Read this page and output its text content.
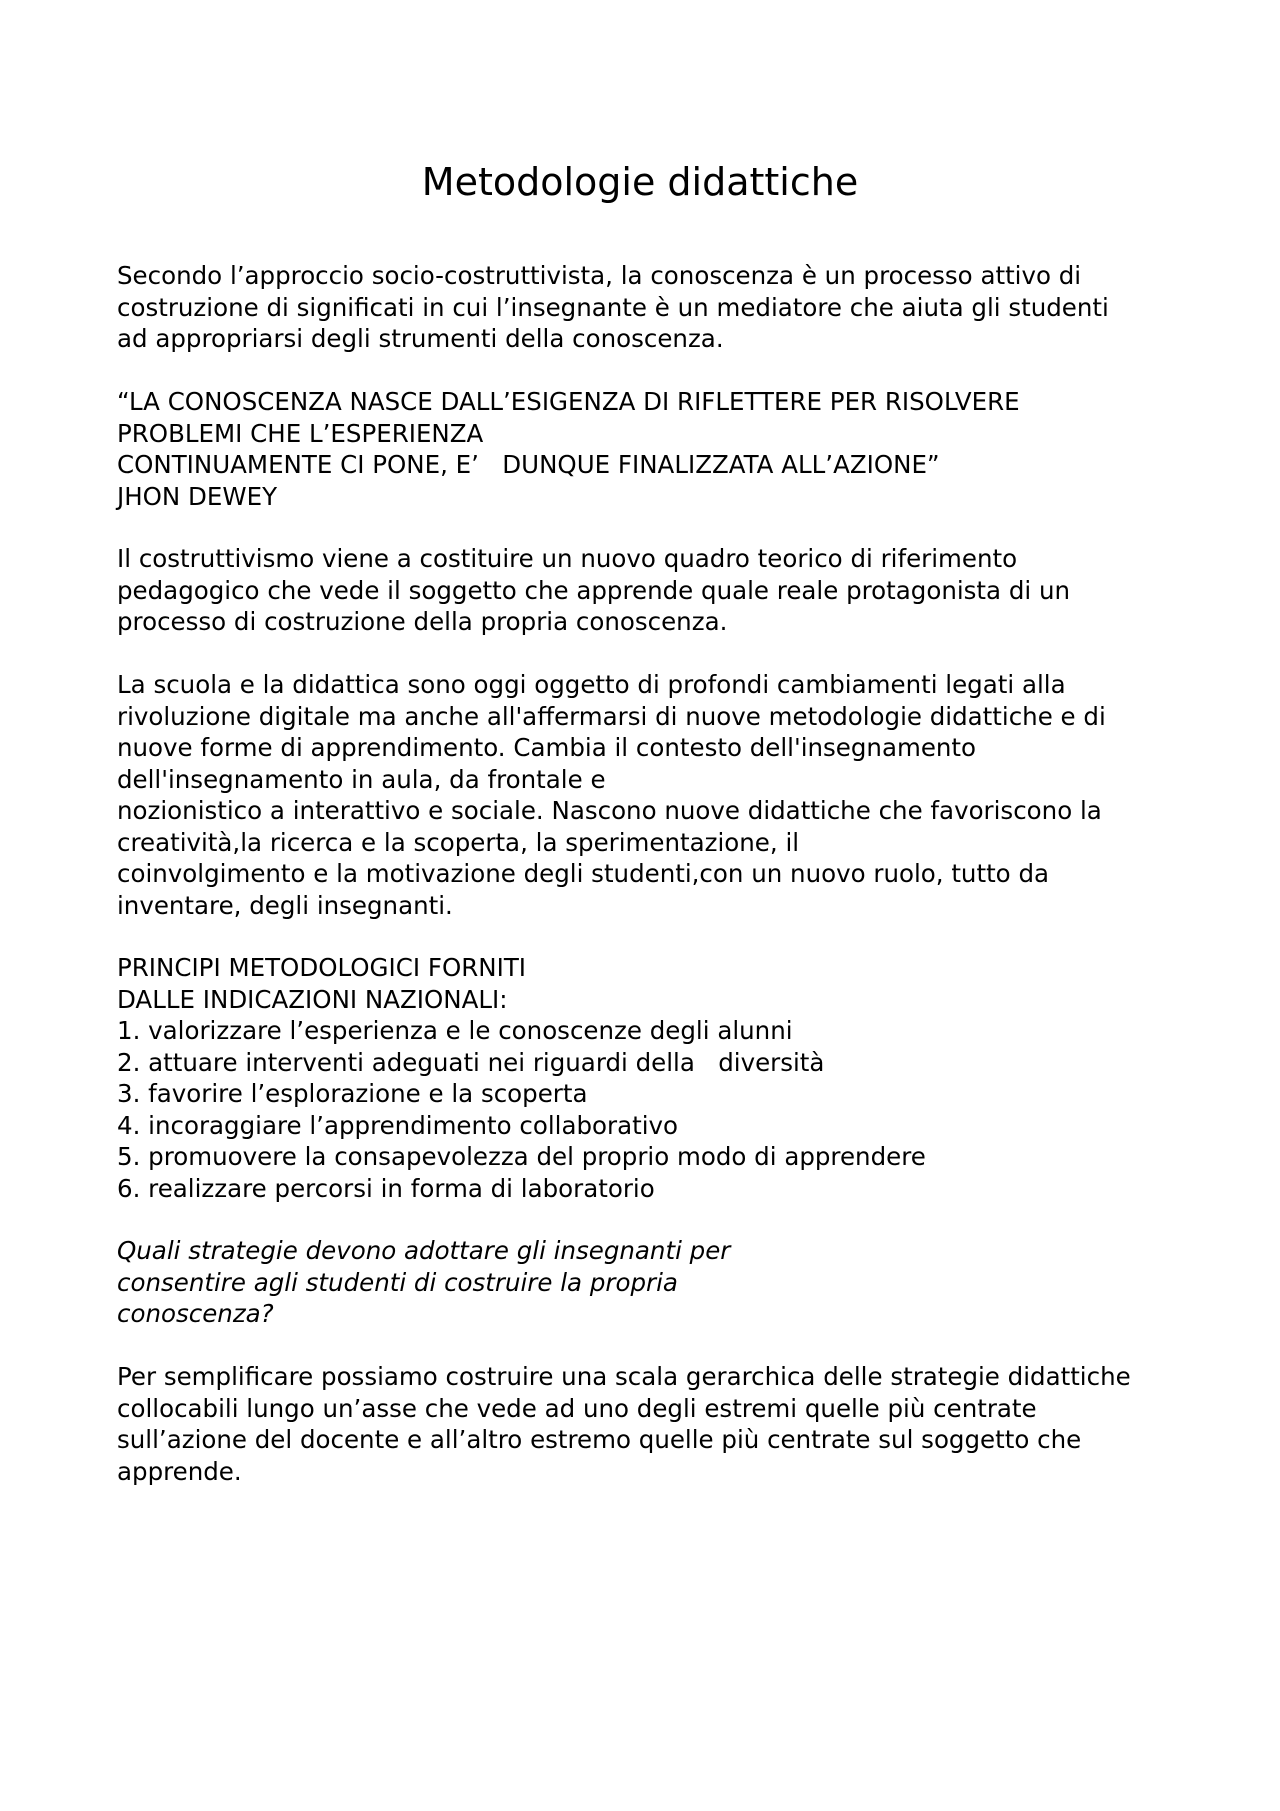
Metodologie didattiche
Secondo l’approccio socio-costruttivista, la conoscenza è un processo attivo di
costruzione di significati in cui l’insegnante è un mediatore che aiuta gli studenti
ad appropriarsi degli strumenti della conoscenza.
“LA CONOSCENZA NASCE DALL’ESIGENZA DI RIFLETTERE PER RISOLVERE
PROBLEMI CHE L’ESPERIENZA
CONTINUAMENTE CI PONE, E’   DUNQUE FINALIZZATA ALL’AZIONE”
JHON DEWEY
Il costruttivismo viene a costituire un nuovo quadro teorico di riferimento
pedagogico che vede il soggetto che apprende quale reale protagonista di un
processo di costruzione della propria conoscenza.
La scuola e la didattica sono oggi oggetto di profondi cambiamenti legati alla
rivoluzione digitale ma anche all'affermarsi di nuove metodologie didattiche e di
nuove forme di apprendimento. Cambia il contesto dell'insegnamento
dell'insegnamento in aula, da frontale e
nozionistico a interattivo e sociale. Nascono nuove didattiche che favoriscono la
creatività,la ricerca e la scoperta, la sperimentazione, il
coinvolgimento e la motivazione degli studenti,con un nuovo ruolo, tutto da
inventare, degli insegnanti.
PRINCIPI METODOLOGICI FORNITI
DALLE INDICAZIONI NAZIONALI:
1. valorizzare l’esperienza e le conoscenze degli alunni
2. attuare interventi adeguati nei riguardi della   diversità
3. favorire l’esplorazione e la scoperta
4. incoraggiare l’apprendimento collaborativo
5. promuovere la consapevolezza del proprio modo di apprendere
6. realizzare percorsi in forma di laboratorio
Quali strategie devono adottare gli insegnanti per
consentire agli studenti di costruire la propria
conoscenza?
Per semplificare possiamo costruire una scala gerarchica delle strategie didattiche
collocabili lungo un’asse che vede ad uno degli estremi quelle più centrate
sull’azione del docente e all’altro estremo quelle più centrate sul soggetto che
apprende.
